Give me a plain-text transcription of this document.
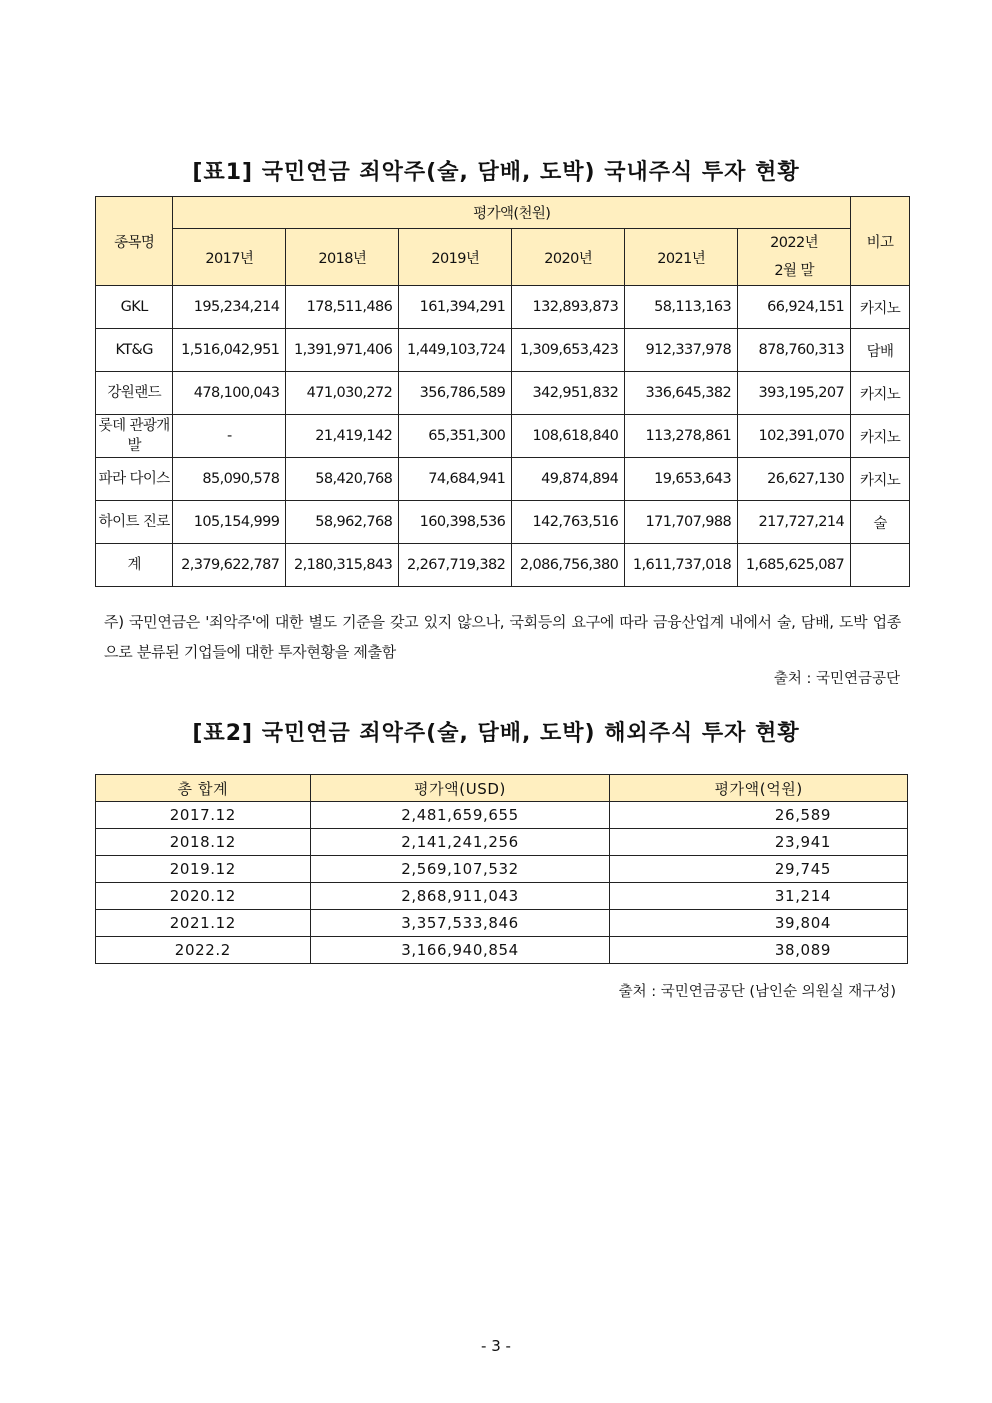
[표1] 국민연금 죄악주(술, 담배, 도박) 국내주식 투자 현황
종목명	평가액(천원)						비고
	2017년	2018년	2019년	2020년	2021년	2022년
2월 말	
GKL	195,234,214	178,511,486	161,394,291	132,893,873	58,113,163	66,924,151	카지노
KT&G	1,516,042,951	1,391,971,406	1,449,103,724	1,309,653,423	912,337,978	878,760,313	담배
강원랜드	478,100,043	471,030,272	356,786,589	342,951,832	336,645,382	393,195,207	카지노
롯데 관광개발	-	21,419,142	65,351,300	108,618,840	113,278,861	102,391,070	카지노
파라 다이스	85,090,578	58,420,768	74,684,941	49,874,894	19,653,643	26,627,130	카지노
하이트 진로	105,154,999	58,962,768	160,398,536	142,763,516	171,707,988	217,727,214	술
계	2,379,622,787	2,180,315,843	2,267,719,382	2,086,756,380	1,611,737,018	1,685,625,087	
주) 국민연금은 '죄악주'에 대한 별도 기준을 갖고 있지 않으나, 국회등의 요구에 따라 금융산업계 내에서 술, 담배, 도박 업종으로 분류된 기업들에 대한 투자현황을 제출함
출처 : 국민연금공단
[표2] 국민연금 죄악주(술, 담배, 도박) 해외주식 투자 현황
총 합계	평가액(USD)	평가액(억원)
2017.12	2,481,659,655	26,589
2018.12	2,141,241,256	23,941
2019.12	2,569,107,532	29,745
2020.12	2,868,911,043	31,214
2021.12	3,357,533,846	39,804
2022.2	3,166,940,854	38,089
출처 : 국민연금공단 (남인순 의원실 재구성)
- 3 -
